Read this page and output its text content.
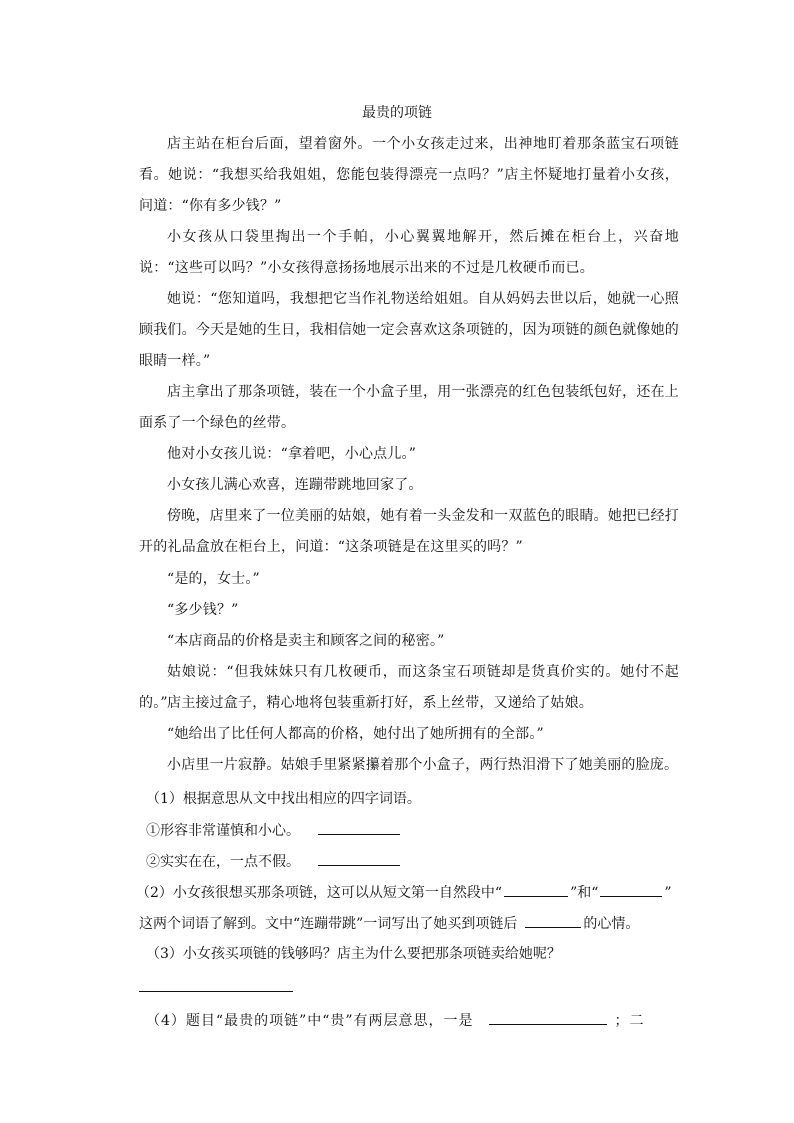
最贵的项链

店主站在柜台后面，望着窗外。一个小女孩走过来，出神地盯着那条蓝宝石项链看。她说：“我想买给我姐姐，您能包装得漂亮一点吗？”店主怀疑地打量着小女孩，问道：“你有多少钱？”

小女孩从口袋里掏出一个手帕，小心翼翼地解开，然后摊在柜台上，兴奋地说：“这些可以吗？”小女孩得意扬扬地展示出来的不过是几枚硬币而已。

她说：“您知道吗，我想把它当作礼物送给姐姐。自从妈妈去世以后，她就一心照顾我们。今天是她的生日，我相信她一定会喜欢这条项链的，因为项链的颜色就像她的眼睛一样。”

店主拿出了那条项链，装在一个小盒子里，用一张漂亮的红色包装纸包好，还在上面系了一个绿色的丝带。

他对小女孩儿说：“拿着吧，小心点儿。”

小女孩儿满心欢喜，连蹦带跳地回家了。

傍晚，店里来了一位美丽的姑娘，她有着一头金发和一双蓝色的眼睛。她把已经打开的礼品盒放在柜台上，问道：“这条项链是在这里买的吗？”

“是的，女士。”

“多少钱？”

“本店商品的价格是卖主和顾客之间的秘密。”

姑娘说：“但我妹妹只有几枚硬币，而这条宝石项链却是货真价实的。她付不起的。” 店主接过盒子，精心地将包装重新打好，系上丝带，又递给了姑娘。

“她给出了比任何人都高的价格，她付出了她所拥有的全部。”

小店里一片寂静。姑娘手里紧紧攥着那个小盒子，两行热泪滑下了她美丽的脸庞。

（1）根据意思从文中找出相应的四字词语。
①形容非常谨慎和小心。
②实实在在，一点不假。
（2）小女孩很想买那条项链，这可以从短文第一自然段中“	”和“	”
这两个词语了解到。文中“连蹦带跳”一词写出了她买到项链后	的心情。
（3）小女孩买项链的钱够吗？店主为什么要把那条项链卖给她呢？
（4）题目“最贵的项链”中“贵”有两层意思，一是	；二
